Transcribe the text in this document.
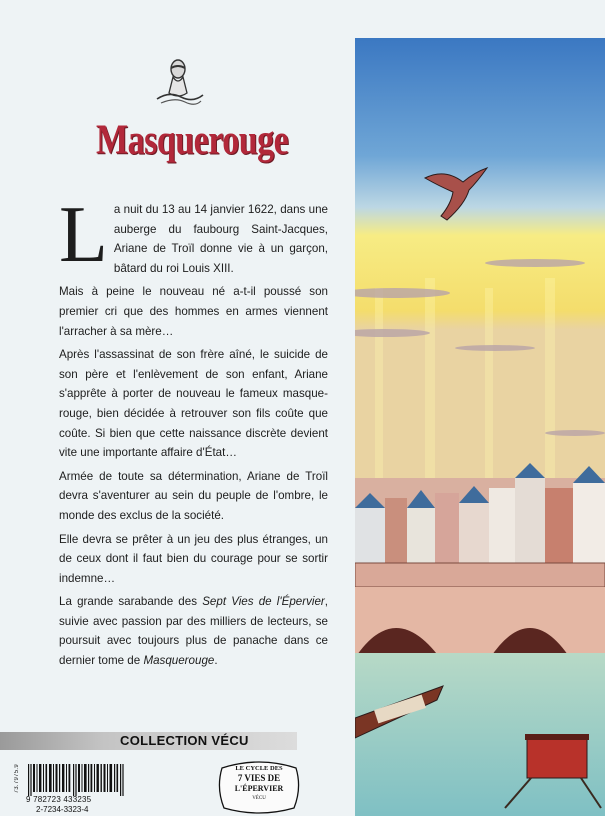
Masquerouge

La nuit du 13 au 14 janvier 1622, dans une auberge du faubourg Saint-Jacques, Ariane de Troïl donne vie à un garçon, bâtard du roi Louis XIII.

Mais à peine le nouveau né a-t-il poussé son premier cri que des hommes en armes viennent l'arracher à sa mère…

Après l'assassinat de son frère aîné, le suicide de son père et l'enlèvement de son enfant, Ariane s'apprête à porter de nouveau le fameux masque-rouge, bien décidée à retrouver son fils coûte que coûte. Si bien que cette naissance discrète devient vite une importante affaire d'État…

Armée de toute sa détermination, Ariane de Troïl devra s'aventurer au sein du peuple de l'ombre, le monde des exclus de la société.

Elle devra se prêter à un jeu des plus étranges, un de ceux dont il faut bien du courage pour se sortir indemne…

La grande sarabande des Sept Vies de l'Épervier, suivie avec passion par des milliers de lecteurs, se poursuit avec toujours plus de panache dans ce dernier tome de Masquerouge.

COLLECTION VÉCU
73.7975.9
9 782723 433235
2-7234-3323-4
LE CYCLE DES
7 VIES DE
L'ÉPERVIER
VÉCU
